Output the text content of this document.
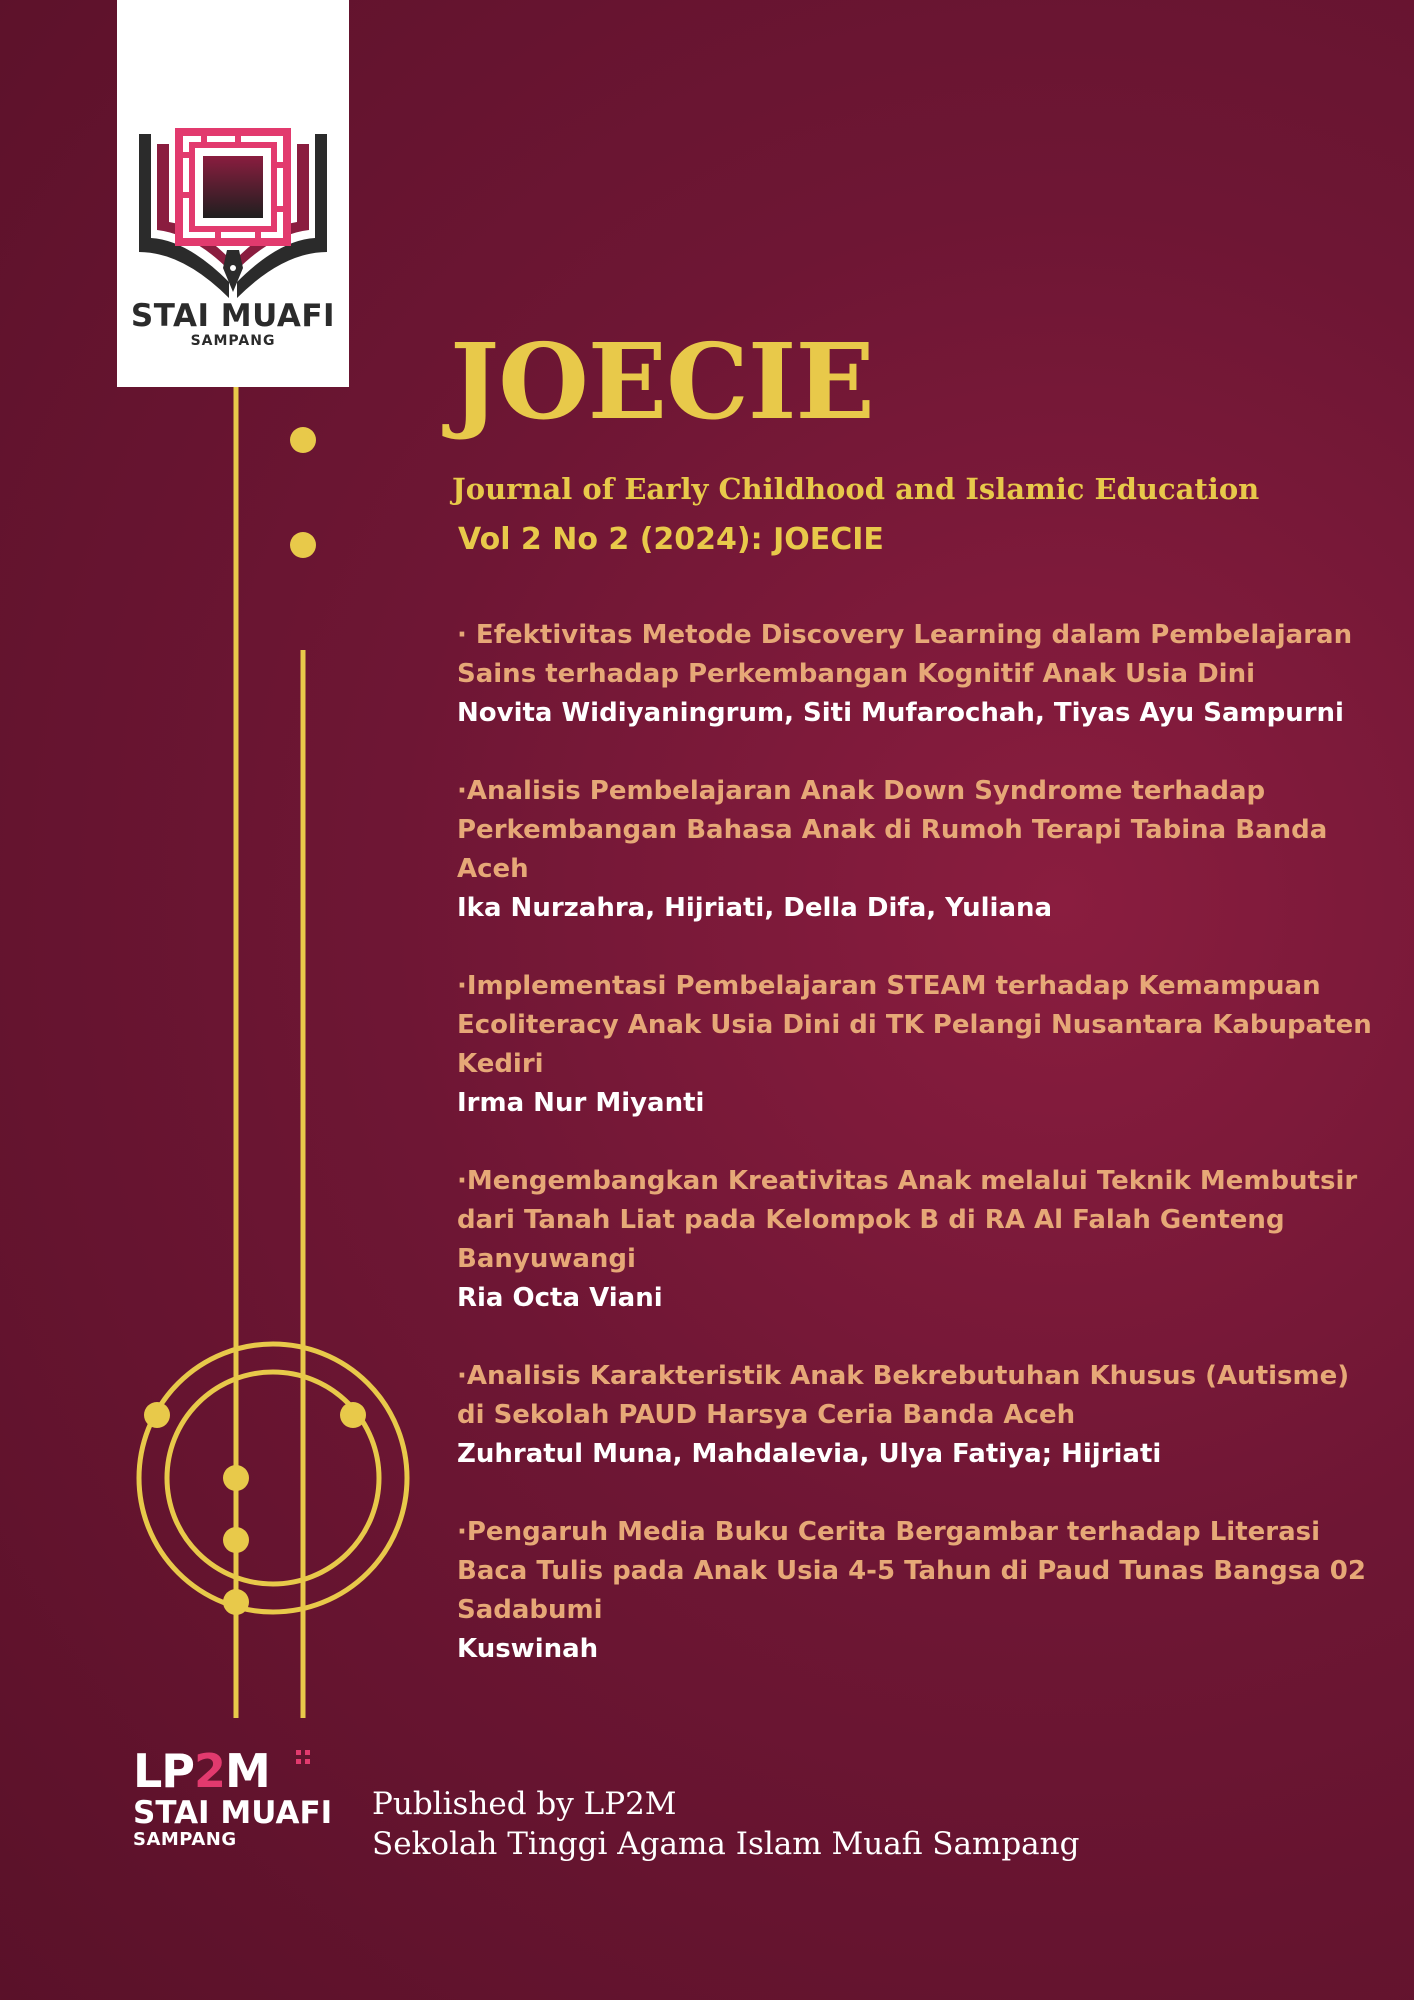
STAI MUAFI
SAMPANG	JOECIE
Journal of Early Childhood and Islamic Education
Vol 2 No 2 (2024): JOECIE
· Efektivitas Metode Discovery Learning dalam Pembelajaran Sains terhadap Perkembangan Kognitif Anak Usia Dini
Novita Widiyaningrum, Siti Mufarochah, Tiyas Ayu Sampurni
·Analisis Pembelajaran Anak Down Syndrome terhadap Perkembangan Bahasa Anak di Rumoh Terapi Tabina Banda Aceh
Ika Nurzahra, Hijriati, Della Difa, Yuliana
·Implementasi Pembelajaran STEAM terhadap Kemampuan Ecoliteracy Anak Usia Dini di TK Pelangi Nusantara Kabupaten Kediri
Irma Nur Miyanti
·Mengembangkan Kreativitas Anak melalui Teknik Membutsir dari Tanah Liat pada Kelompok B di RA Al Falah Genteng Banyuwangi
Ria Octa Viani
·Analisis Karakteristik Anak Bekrebutuhan Khusus (Autisme) di Sekolah PAUD Harsya Ceria Banda Aceh
Zuhratul Muna, Mahdalevia, Ulya Fatiya; Hijriati
·Pengaruh Media Buku Cerita Bergambar terhadap Literasi Baca Tulis pada Anak Usia 4-5 Tahun di Paud Tunas Bangsa 02 Sadabumi
Kuswinah
LP2M
STAI MUAFI
SAMPANG
Published by LP2M
Sekolah Tinggi Agama Islam Muafi Sampang
